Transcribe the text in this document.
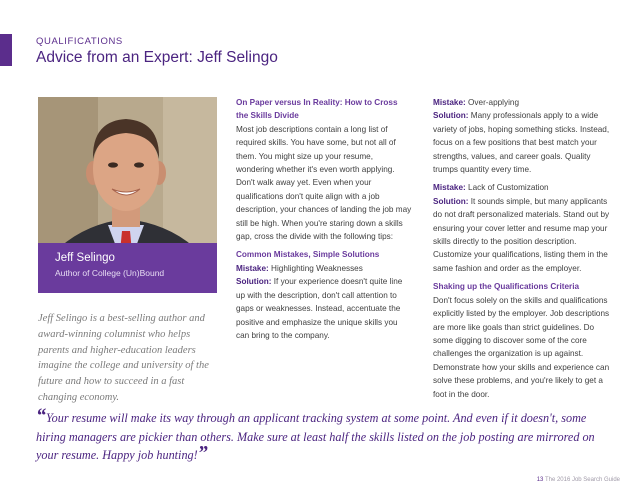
QUALIFICATIONS
Advice from an Expert: Jeff Selingo
Jeff Selingo
Author of College (Un)Bound

Jeff Selingo is a best-selling author and award-winning columnist who helps parents and higher-education leaders imagine the college and university of the future and how to succeed in a fast changing economy.

On Paper versus In Reality: How to Cross the Skills Divide

Most job descriptions contain a long list of required skills. You have some, but not all of them. You might size up your resume, wondering whether it's even worth applying. Don't walk away yet. Even when your qualifications don't quite align with a job description, your chances of landing the job may still be high. When you're staring down a skills gap, cross the divide with the following tips:

Common Mistakes, Simple Solutions

Mistake: Highlighting Weaknesses

Solution: If your experience doesn't quite line up with the description, don't call attention to gaps or weaknesses. Instead, accentuate the positive and emphasize the unique skills you can bring to the company.

Mistake: Over-applying

Solution: Many professionals apply to a wide variety of jobs, hoping something sticks. Instead, focus on a few positions that best match your strengths, values, and career goals. Quality trumps quantity every time.

Mistake: Lack of Customization

Solution: It sounds simple, but many applicants do not draft personalized materials. Stand out by ensuring your cover letter and resume map your skills directly to the position description. Customize your qualifications, listing them in the same fashion and order as the employer.

Shaking up the Qualifications Criteria

Don't focus solely on the skills and qualifications explicitly listed by the employer. Job descriptions are more like goals than strict guidelines. Do some digging to discover some of the core challenges the organization is up against. Demonstrate how your skills and experience can solve these problems, and you're likely to get a foot in the door.

“Your resume will make its way through an applicant tracking system at some point. And even if it doesn't, some hiring managers are pickier than others. Make sure at least half the skills listed on the job posting are mirrored on your resume. Happy job hunting!”
13 The 2016 Job Search Guide
